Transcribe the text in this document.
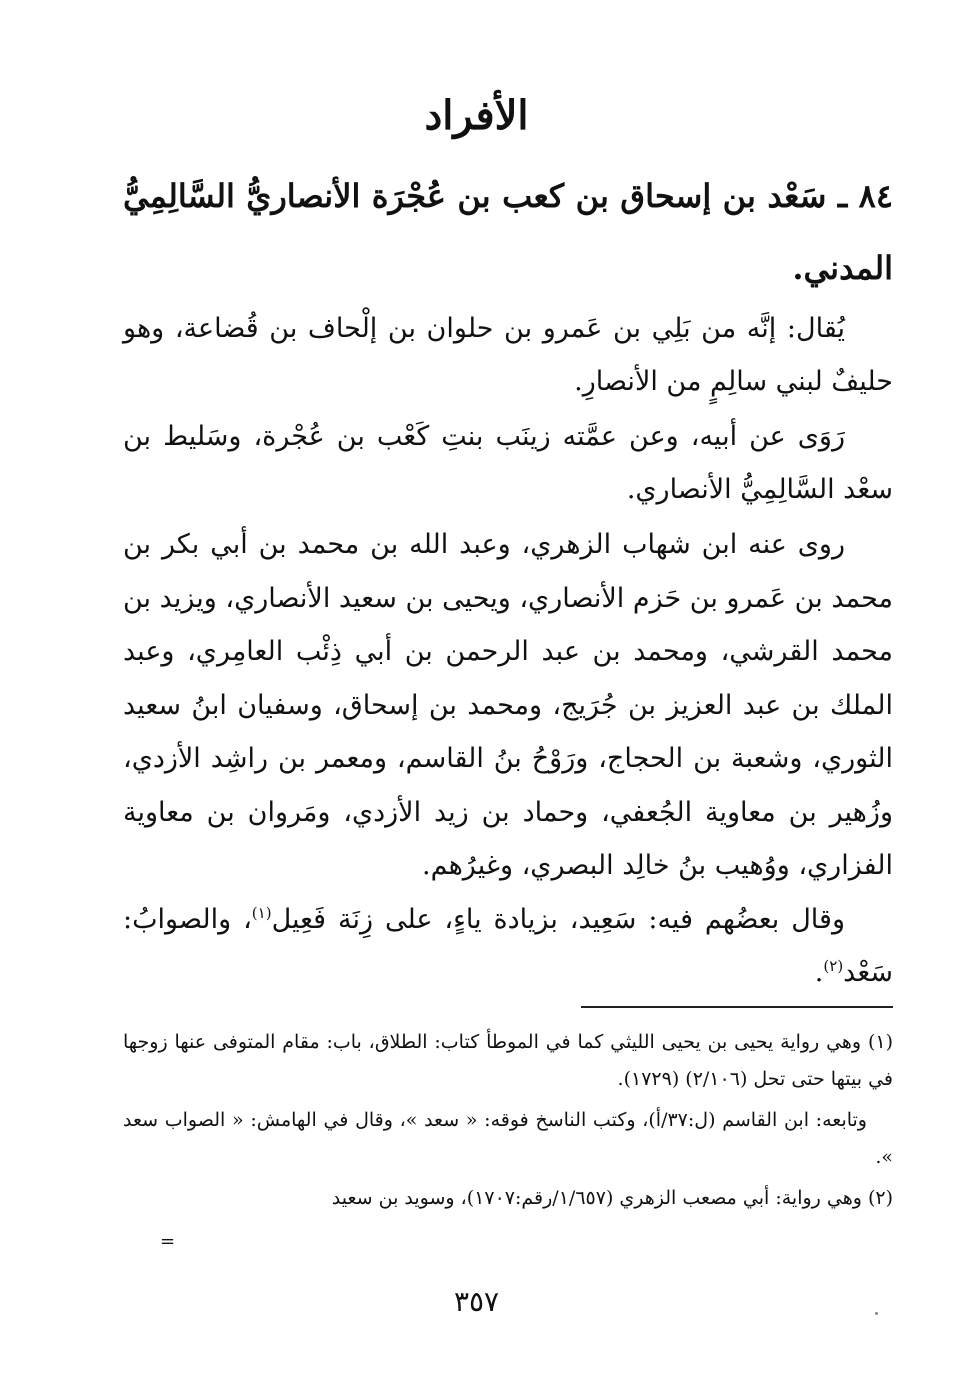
الأفراد
٨٤ ـ سَعْد بن إسحاق بن كعب بن عُجْرَة الأنصاريُّ السَّالِمِيُّ المدني.
يُقال: إنَّه من بَلِي بن عَمرو بن حلوان بن إلْحاف بن قُضاعة، وهو حليفٌ لبني سالِمٍ من الأنصارِ.
رَوَى عن أبيه، وعن عمَّته زينَب بنتِ كَعْب بن عُجْرة، وسَليط بن سعْد السَّالِمِيُّ الأنصاري.
روى عنه ابن شهاب الزهري، وعبد الله بن محمد بن أبي بكر بن محمد بن عَمرو بن حَزم الأنصاري، ويحيى بن سعيد الأنصاري، ويزيد بن محمد القرشي، ومحمد بن عبد الرحمن بن أبي ذِئْب العامِري، وعبد الملك بن عبد العزيز بن جُرَيج، ومحمد بن إسحاق، وسفيان ابنُ سعيد الثوري، وشعبة بن الحجاج، ورَوْحُ بنُ القاسم، ومعمر بن راشِد الأزدي، وزُهير بن معاوية الجُعفي، وحماد بن زيد الأزدي، ومَروان بن معاوية الفزاري، ووُهيب بنُ خالِد البصري، وغيرُهم.
وقال بعضُهم فيه: سَعِيد، بزيادة ياءٍ، على زِنَة فَعِيل$^{(١)}$، والصوابُ: سَعْد$^{(٢)}$.

(١) وهي رواية يحيى بن يحيى الليثي كما في الموطأ كتاب: الطلاق، باب: مقام المتوفى عنها زوجها في بيتها حتى تحل (٢/١٠٦) (١٧٢٩).

وتابعه: ابن القاسم (ل:٣٧/أ)، وكتب الناسخ فوقه: « سعد »، وقال في الهامش: « الصواب سعد ».

(٢) وهي رواية: أبي مصعب الزهري (١/٦٥٧/رقم:١٧٠٧)، وسويد بن سعيد

=
٣٥٧
